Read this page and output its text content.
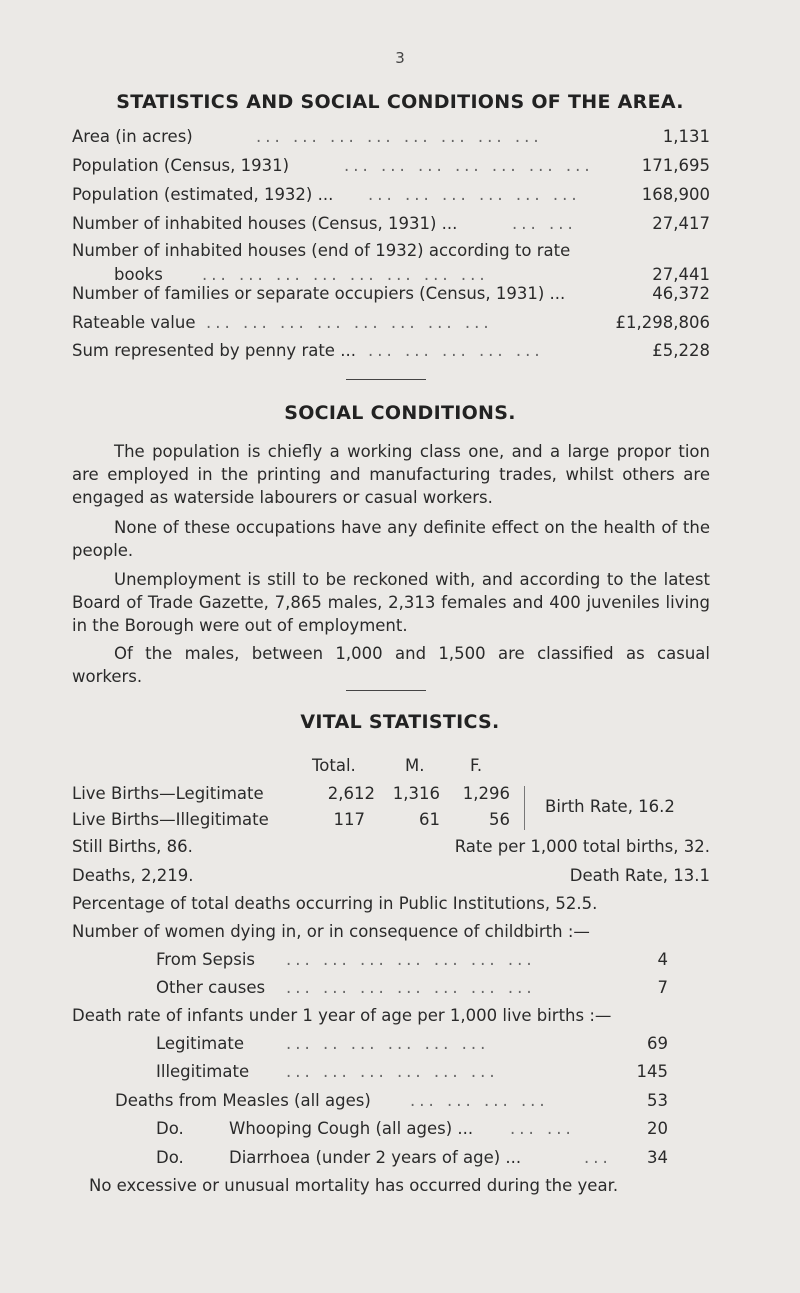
3
STATISTICS AND SOCIAL CONDITIONS OF THE AREA.
Area (in acres)	... ... ... ... ... ... ... ...	1,131
Population (Census, 1931)	... ... ... ... ... ... ...	171,695
Population (estimated, 1932) ... ... ... ... ... ... ...	168,900
Number of inhabited houses (Census, 1931) ...	... ...	27,417
Number of inhabited houses (end of 1932) according to rate
books ... ... ... ... ... ... ... ...	27,441
Number of families or separate occupiers (Census, 1931) ...	46,372
Rateable value ... ... ... ... ... ... ... ...	£1,298,806
Sum represented by penny rate ... ... ... ... ... ...	£5,228
SOCIAL CONDITIONS.

The population is chiefly a working class one, and a large propor tion are employed in the printing and manufacturing trades, whilst others are engaged as waterside labourers or casual workers.

None of these occupations have any definite effect on the health of the people.

Unemployment is still to be reckoned with, and according to the latest Board of Trade Gazette, 7,865 males, 2,313 females and 400 juveniles living in the Borough were out of employment.

Of the males, between 1,000 and 1,500 are classified as casual workers.

VITAL STATISTICS.
Total.	M.	F.
Live Births—Legitimate	2,612	1,316	1,296
Live Births—Illegitimate	117	61	56
Birth Rate, 16.2
Still Births, 86.	Rate per 1,000 total births, 32.
Deaths, 2,219.	Death Rate, 13.1
Percentage of total deaths occurring in Public Institutions, 52.5.
Number of women dying in, or in consequence of childbirth :—
From Sepsis ... ... ... ... ... ... ...	4
Other causes ... ... ... ... ... ... ...	7
Death rate of infants under 1 year of age per 1,000 live births :—
Legitimate	... .. ... ... ... ...	69
Illegitimate ... ... ... ... ... ...	145
Deaths from Measles (all ages) ... ... ... ...	53
Do.	Whooping Cough (all ages) ... ... ...	20
Do.	Diarrhoea (under 2 years of age) ...	...	34
No excessive or unusual mortality has occurred during the year.
